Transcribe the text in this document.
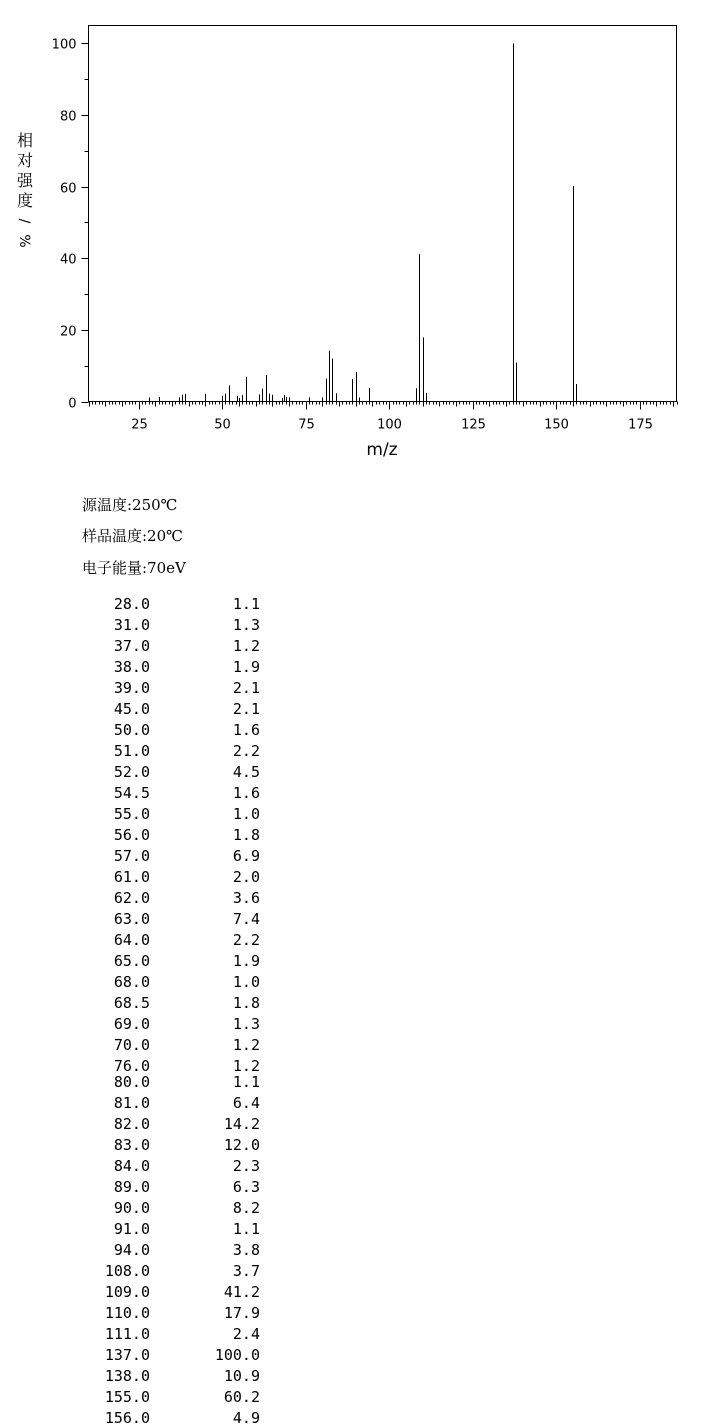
0
20
40
60
80
100
25	50	75	100	125	150	175
m/z
相
对
强
度
/
%
源温度:250℃
样品温度:20℃
电子能量:70eV
28.0	1.1
31.0	1.3
37.0	1.2
38.0	1.9
39.0	2.1
45.0	2.1
50.0	1.6
51.0	2.2
52.0	4.5
54.5	1.6
55.0	1.0
56.0	1.8
57.0	6.9
61.0	2.0
62.0	3.6
63.0	7.4
64.0	2.2
65.0	1.9
68.0	1.0
68.5	1.8
69.0	1.3
70.0	1.2
76.0	1.2
80.0	1.1
81.0	6.4
82.0	14.2
83.0	12.0
84.0	2.3
89.0	6.3
90.0	8.2
91.0	1.1
94.0	3.8
108.0	3.7
109.0	41.2
110.0	17.9
111.0	2.4
137.0	100.0
138.0	10.9
155.0	60.2
156.0	4.9
